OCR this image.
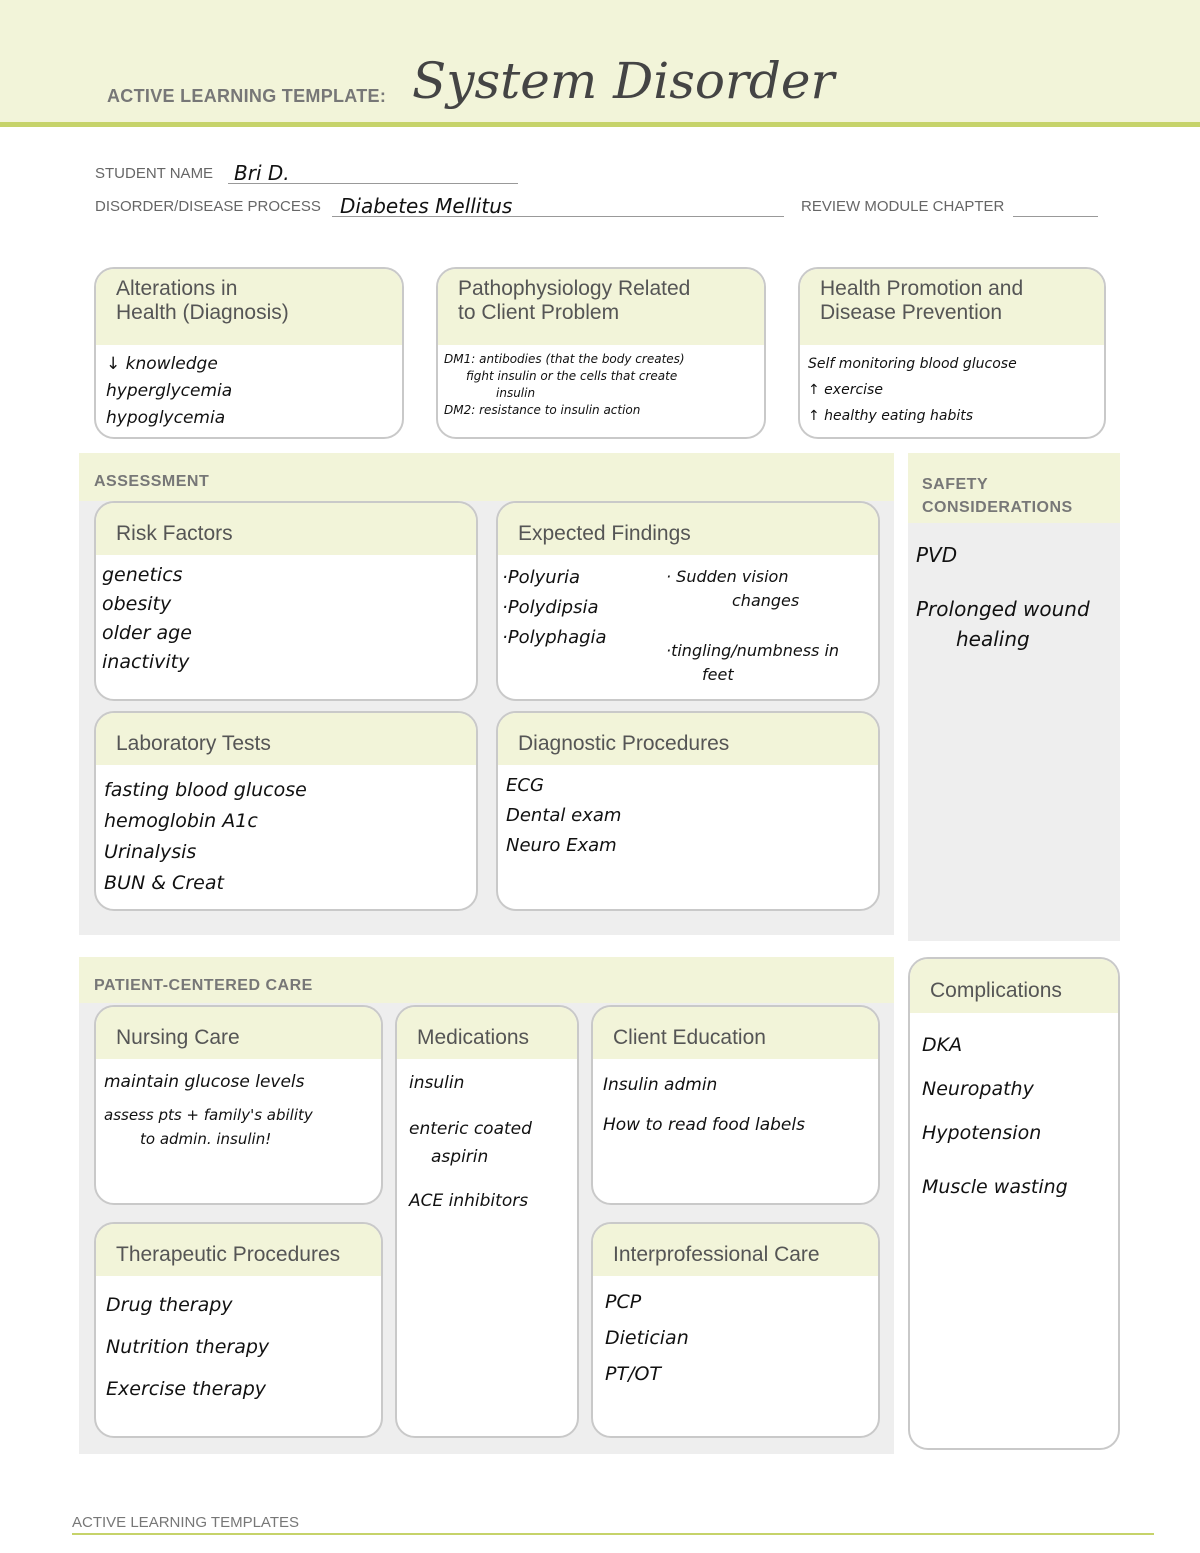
ACTIVE LEARNING TEMPLATE: System Disorder
STUDENT NAME	Bri D.
DISORDER/DISEASE PROCESS Diabetes Mellitus	REVIEW MODULE CHAPTER
Alterations in
Health (Diagnosis)
↓ knowledge
hyperglycemia
hypoglycemia
Pathophysiology Related
to Client Problem
DM1: antibodies (that the body creates)
fight insulin or the cells that create
insulin
DM2: resistance to insulin action
Health Promotion and
Disease Prevention
Self monitoring blood glucose
↑ exercise
↑ healthy eating habits
ASSESSMENT
Risk Factors
genetics
obesity
older age
inactivity
Expected Findings
·Polyuria
·Polydipsia
·Polyphagia
· Sudden vision
changes
·tingling/numbness in
feet
Laboratory Tests
fasting blood glucose
hemoglobin A1c
Urinalysis
BUN & Creat
Diagnostic Procedures
ECG
Dental exam
Neuro Exam
SAFETY
CONSIDERATIONS
PVD
Prolonged wound
healing
PATIENT-CENTERED CARE
Nursing Care
maintain glucose levels
assess pts + family's ability
to admin. insulin!
Medications
insulin
enteric coated
aspirin
ACE inhibitors
Client Education
Insulin admin
How to read food labels
Therapeutic Procedures
Drug therapy
Nutrition therapy
Exercise therapy
Interprofessional Care
PCP
Dietician
PT/OT
Complications
DKA
Neuropathy
Hypotension
Muscle wasting
ACTIVE LEARNING TEMPLATES
